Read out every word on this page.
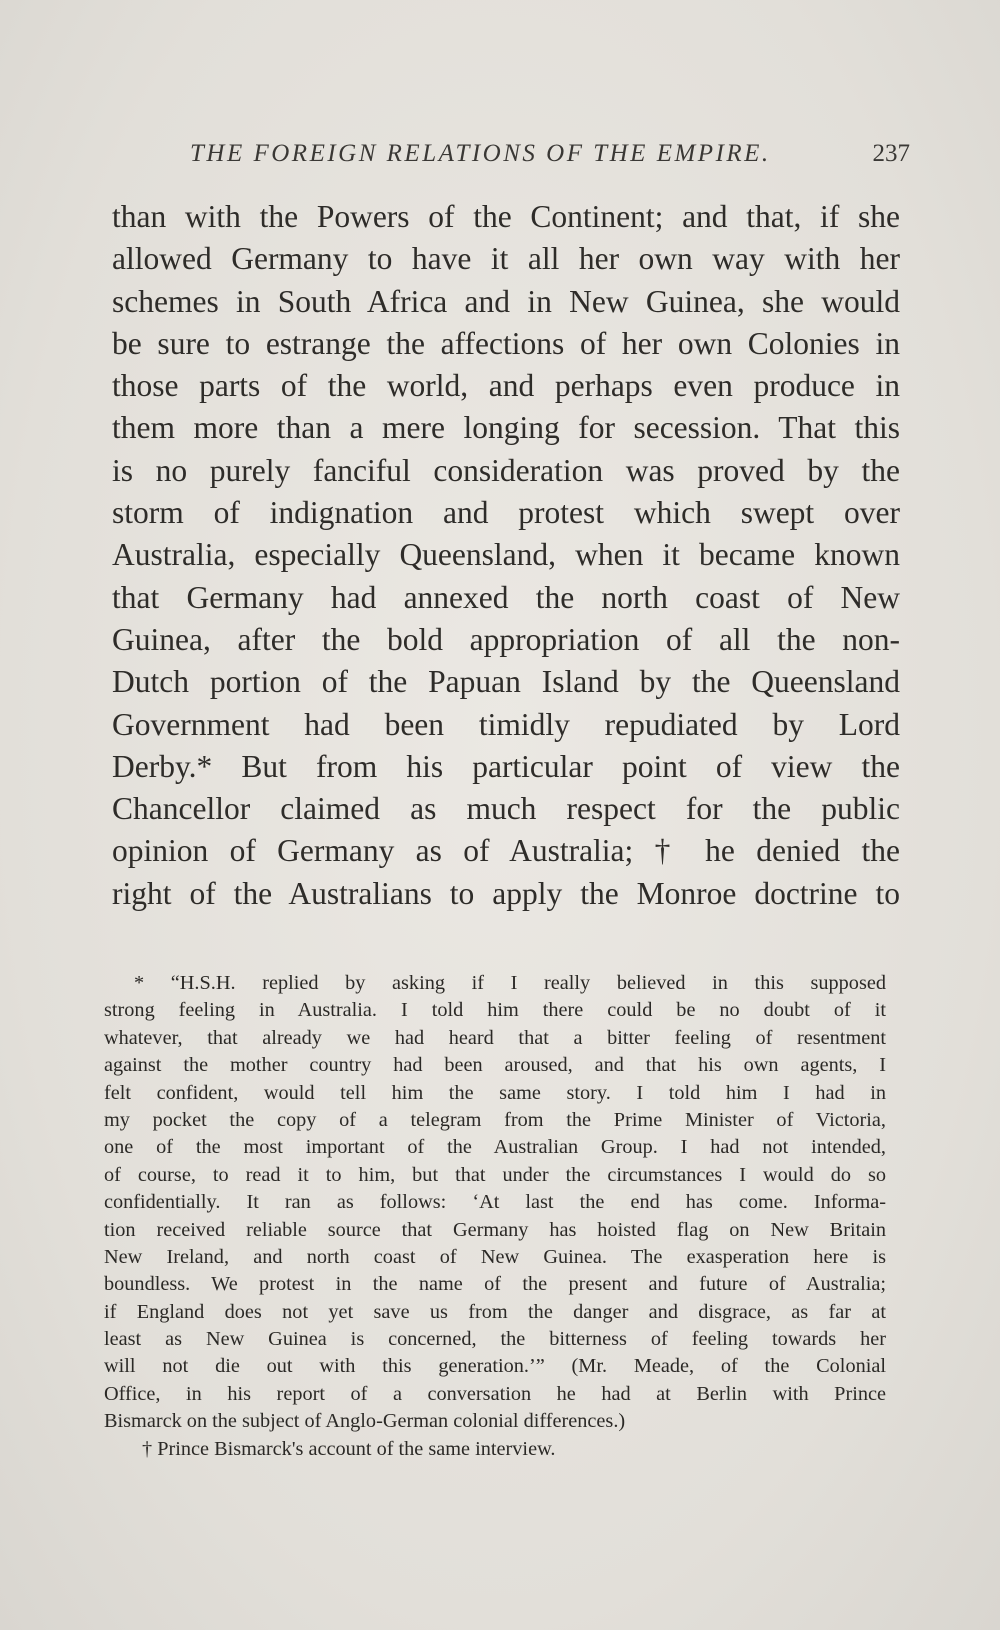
THE FOREIGN RELATIONS OF THE EMPIRE.	237
than with the Powers of the Continent; and that, if she
allowed Germany to have it all her own way with her
schemes in South Africa and in New Guinea, she would
be sure to estrange the affections of her own Colonies in
those parts of the world, and perhaps even produce in
them more than a mere longing for secession. That this
is no purely fanciful consideration was proved by the
storm of indignation and protest which swept over
Australia, especially Queensland, when it became known
that Germany had annexed the north coast of New
Guinea, after the bold appropriation of all the non-
Dutch portion of the Papuan Island by the Queensland
Government had been timidly repudiated by Lord
Derby.* But from his particular point of view the
Chancellor claimed as much respect for the public
opinion of Germany as of Australia; † he denied the
right of the Australians to apply the Monroe doctrine to
* “H.S.H. replied by asking if I really believed in this supposed
strong feeling in Australia. I told him there could be no doubt of it
whatever, that already we had heard that a bitter feeling of resentment
against the mother country had been aroused, and that his own agents, I
felt confident, would tell him the same story. I told him I had in
my pocket the copy of a telegram from the Prime Minister of Victoria,
one of the most important of the Australian Group. I had not intended,
of course, to read it to him, but that under the circumstances I would do so
confidentially. It ran as follows: ‘At last the end has come. Informa-
tion received reliable source that Germany has hoisted flag on New Britain
New Ireland, and north coast of New Guinea. The exasperation here is
boundless. We protest in the name of the present and future of Australia;
if England does not yet save us from the danger and disgrace, as far at
least as New Guinea is concerned, the bitterness of feeling towards her
will not die out with this generation.’” (Mr. Meade, of the Colonial
Office, in his report of a conversation he had at Berlin with Prince
Bismarck on the subject of Anglo-German colonial differences.)
† Prince Bismarck's account of the same interview.
